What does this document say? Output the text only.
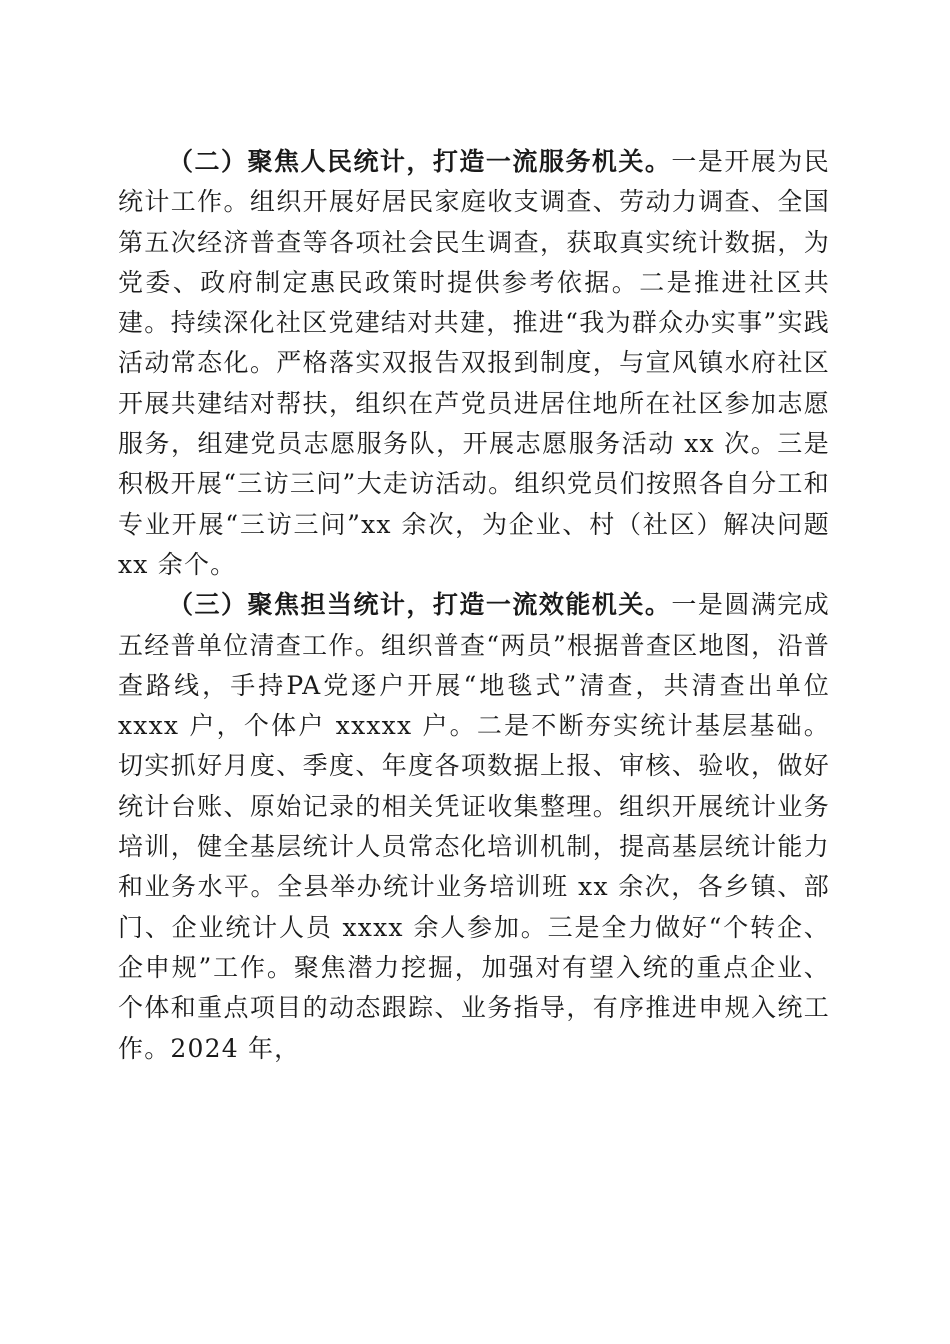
（二）聚焦人民统计，打造一流服务机关。一是开展为民统计工作。组织开展好居民家庭收支调查、劳动力调查、全国第五次经济普查等各项社会民生调查，获取真实统计数据，为党委、政府制定惠民政策时提供参考依据。二是推进社区共建。持续深化社区党建结对共建，推进“我为群众办实事”实践活动常态化。严格落实双报告双报到制度，与宣风镇水府社区开展共建结对帮扶，组织在芦党员进居住地所在社区参加志愿服务，组建党员志愿服务队，开展志愿服务活动 xx 次。三是积极开展“三访三问”大走访活动。组织党员们按照各自分工和专业开展“三访三问”xx 余次，为企业、村（社区）解决问题 xx 余个。

（三）聚焦担当统计，打造一流效能机关。一是圆满完成五经普单位清查工作。组织普查“两员”根据普查区地图，沿普查路线，手持PA党逐户开展“地毯式”清查，共清查出单位 xxxx 户，个体户 xxxxx 户。二是不断夯实统计基层基础。切实抓好月度、季度、年度各项数据上报、审核、验收，做好统计台账、原始记录的相关凭证收集整理。组织开展统计业务培训，健全基层统计人员常态化培训机制，提高基层统计能力和业务水平。全县举办统计业务培训班 xx 余次，各乡镇、部门、企业统计人员 xxxx 余人参加。三是全力做好“个转企、企申规”工作。聚焦潜力挖掘，加强对有望入统的重点企业、个体和重点项目的动态跟踪、业务指导，有序推进申规入统工作。2024 年，
